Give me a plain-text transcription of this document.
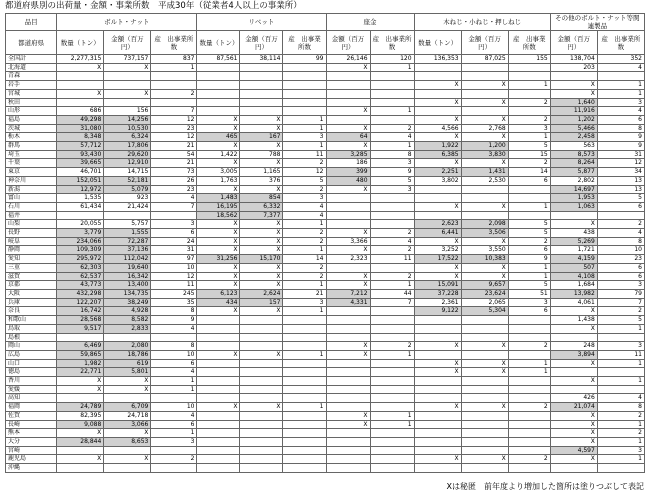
都道府県別の出荷量・金額・事業所数　平成30年（従業者4人以上の事業所）
品目	ボルト・ナット			リベット			座金		木ねじ・小ねじ・押しねじ			その他のボルト・ナット等関連製品	
都道府県	数量（トン）	金額（百万円）	産　出事業所数	数量（トン）	金額（百万円）	産　出事業所数	金額（百万円）	産　出事業所数	数量（トン）	金額（百万円）	産　出事業所数	金額（百万円）	産　出事業所数
全国計	2,277,315	737,157	837	87,561	38,114	99	26,146	120	136,353	87,025	155	138,704	352
北海道	X	X	1				X	1				203	4
青森													
岩手									X	X	1	X	1
宮城	X	X	2									X	1
秋田									X	X	2	1,640	3
山形	686	156	7				X	1				11,916	4
福島	49,298	14,256	12	X	X	1			X	X	2	1,202	6
茨城	31,080	10,530	23	X	X	1	X	2	4,566	2,768	3	5,466	8
栃木	8,348	6,324	12	465	167	3	64	4	X	X	1	2,458	9
群馬	57,712	17,806	21	X	X	1	X	1	1,922	1,200	5	563	9
埼玉	93,430	29,620	54	1,422	788	11	3,285	8	6,385	3,830	15	8,573	31
千葉	39,665	12,910	21	X	X	2	186	3	X	X	2	8,264	12
東京	46,701	14,715	73	3,005	1,165	12	399	9	2,251	1,431	14	5,877	34
神奈川	152,051	52,181	26	1,763	376	5	480	5	3,802	2,530	6	2,802	13
新潟	12,972	5,079	23	X	X	2	X	3				14,697	13
富山	1,535	923	4	1,483	854	3						1,953	5
石川	61,434	21,424	7	16,195	6,332	4			X	X	1	1,063	6
福井				18,562	7,377	4							
山梨	20,055	5,757	3	X	X	1			2,623	2,098	5	X	2
長野	3,779	1,555	6	X	X	2	X	2	6,441	3,506	5	438	4
岐阜	234,066	72,287	24	X	X	2	3,366	4	X	X	2	5,269	8
静岡	109,309	37,136	31	X	X	1	X	2	3,252	3,550	6	1,721	10
愛知	295,972	112,042	97	31,256	15,170	14	2,323	11	17,522	10,383	9	4,159	23
三重	62,303	19,640	10	X	X	2			X	X	1	507	6
滋賀	62,537	16,342	12	X	X	2	X	2	X	X	1	4,108	6
京都	43,773	13,400	11	X	X	1	X	1	15,091	9,657	5	1,684	3
大阪	432,298	134,735	245	6,123	2,624	21	7,212	44	37,228	23,624	51	13,982	79
兵庫	122,207	38,249	35	434	157	3	4,331	7	2,361	2,065	3	4,061	7
奈良	16,742	4,928	8	X	X	1			9,122	5,304	6	X	2
和歌山	28,568	8,582	9									1,438	5
鳥取	9,517	2,833	4									X	1
島根													
岡山	6,469	2,080	8				X	2	X	X	2	248	3
広島	59,865	18,786	10	X	X	1	X	1				3,894	11
山口	1,982	619	6						X	X	1	X	1
徳島	22,771	5,801	4						X	X	1		
香川	X	X	1									X	1
愛媛	X	X	1										
高知												426	4
福岡	24,789	6,709	10	X	X	1			X	X	2	21,074	8
佐賀	82,395	24,718	4				X	1				X	2
長崎	9,088	3,066	6				X	1				X	1
熊本	X	X	1									X	2
大分	28,844	8,653	3									X	1
宮崎												4,597	3
鹿児島	X	X	2						X	X	2	X	1
沖縄													
Xは秘匿　前年度より増加した箇所は塗りつぶして表記
